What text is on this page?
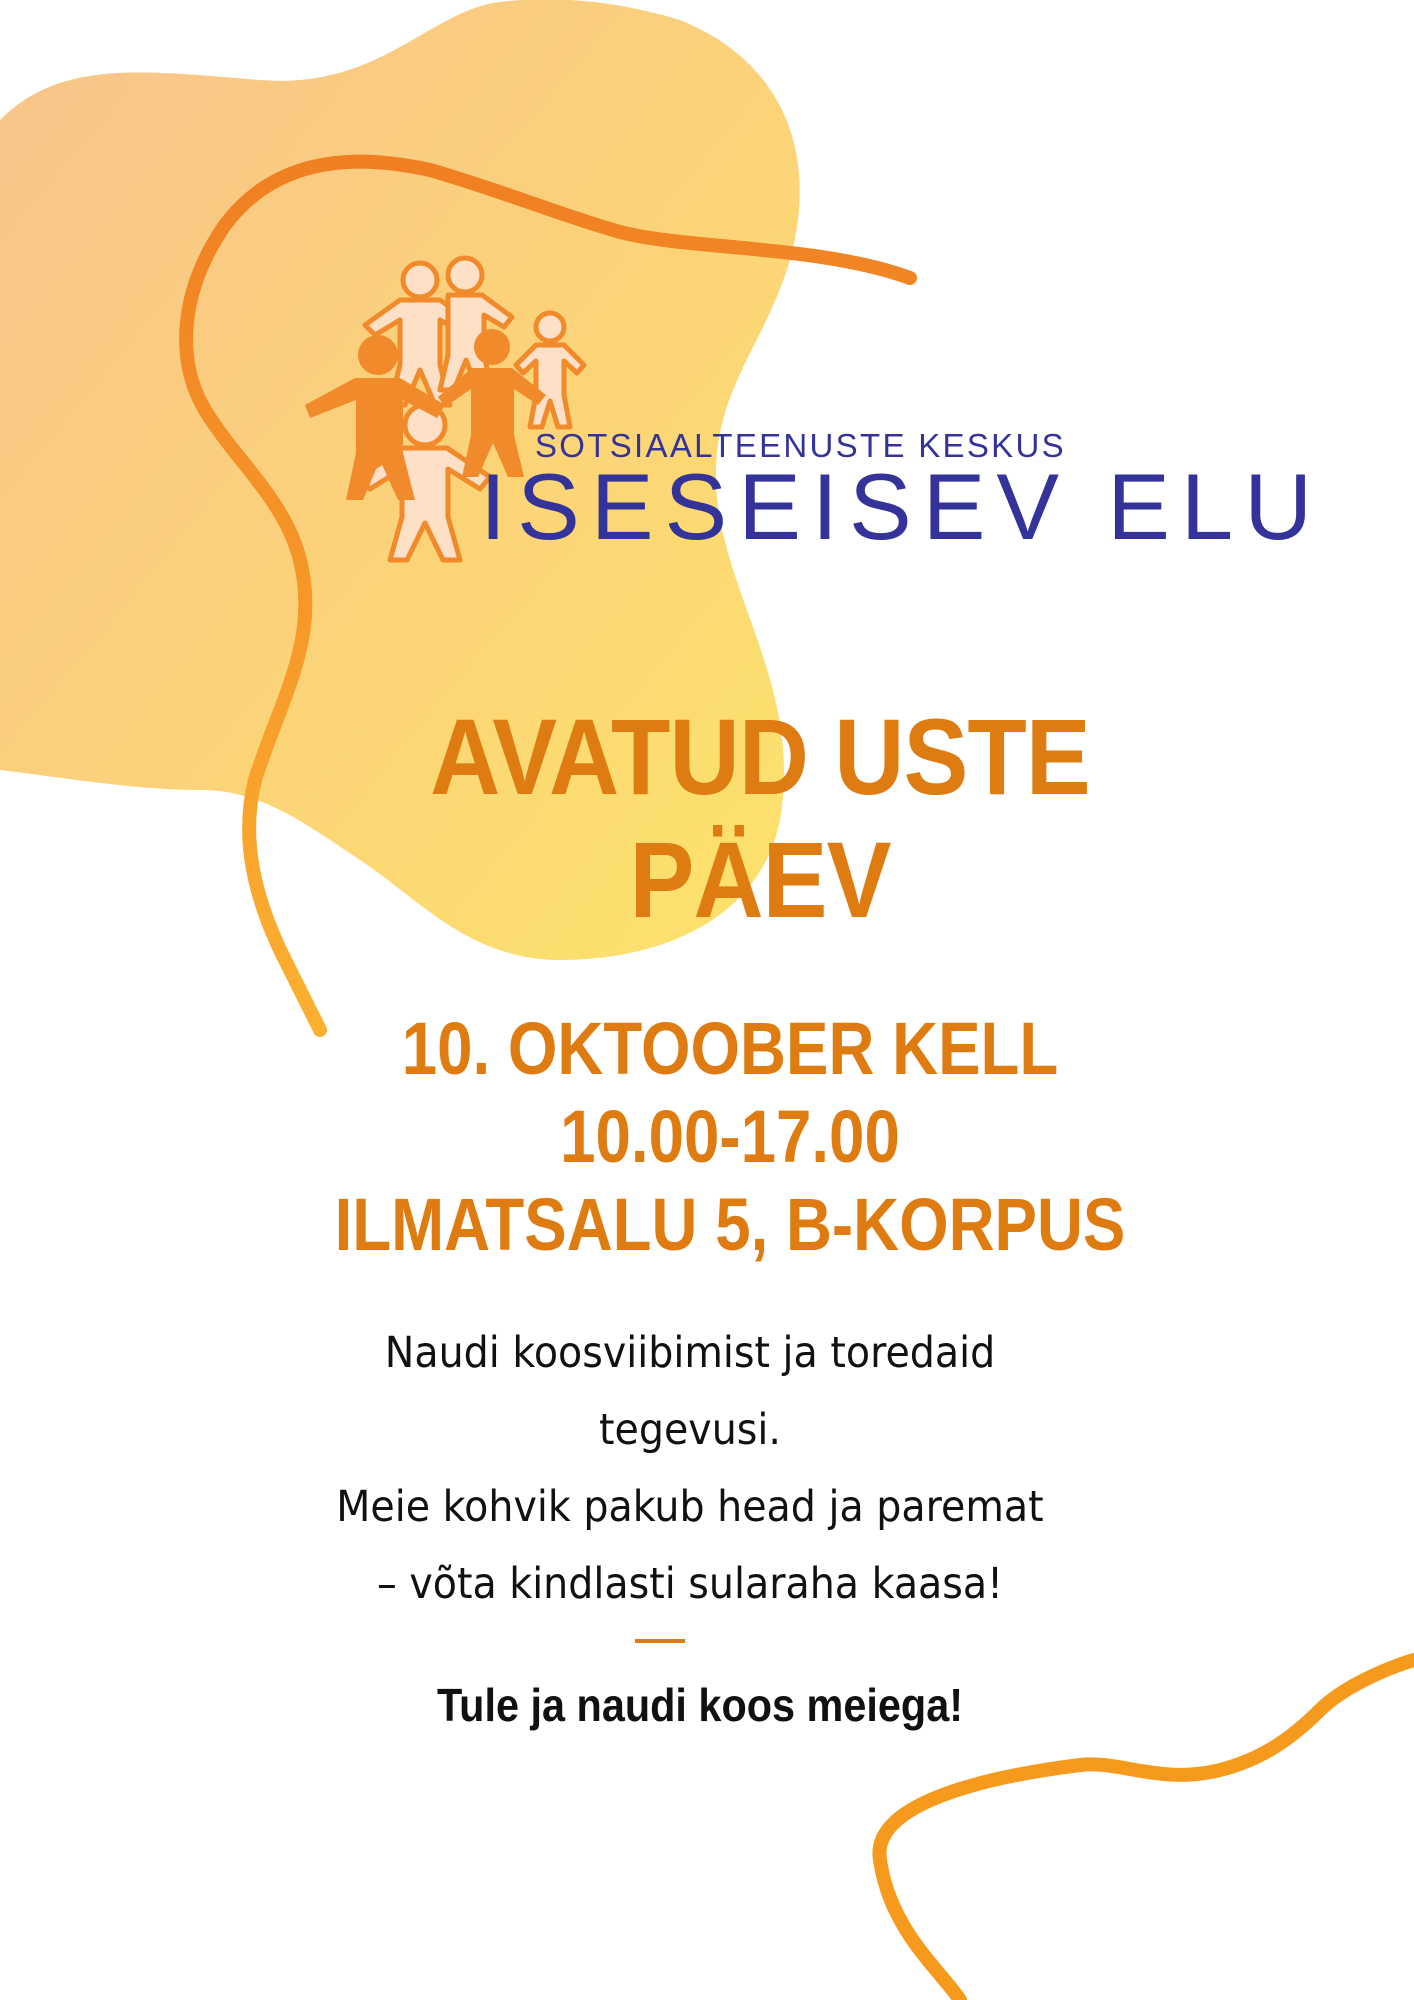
SOTSIAALTEENUSTE KESKUS
ISESEISEV ELU
AVATUD USTE
PÄEV
10. OKTOOBER KELL
10.00-17.00
ILMATSALU 5, B-KORPUS
Naudi koosviibimist ja toredaid
tegevusi.
Meie kohvik pakub head ja paremat
– võta kindlasti sularaha kaasa!
Tule ja naudi koos meiega!
